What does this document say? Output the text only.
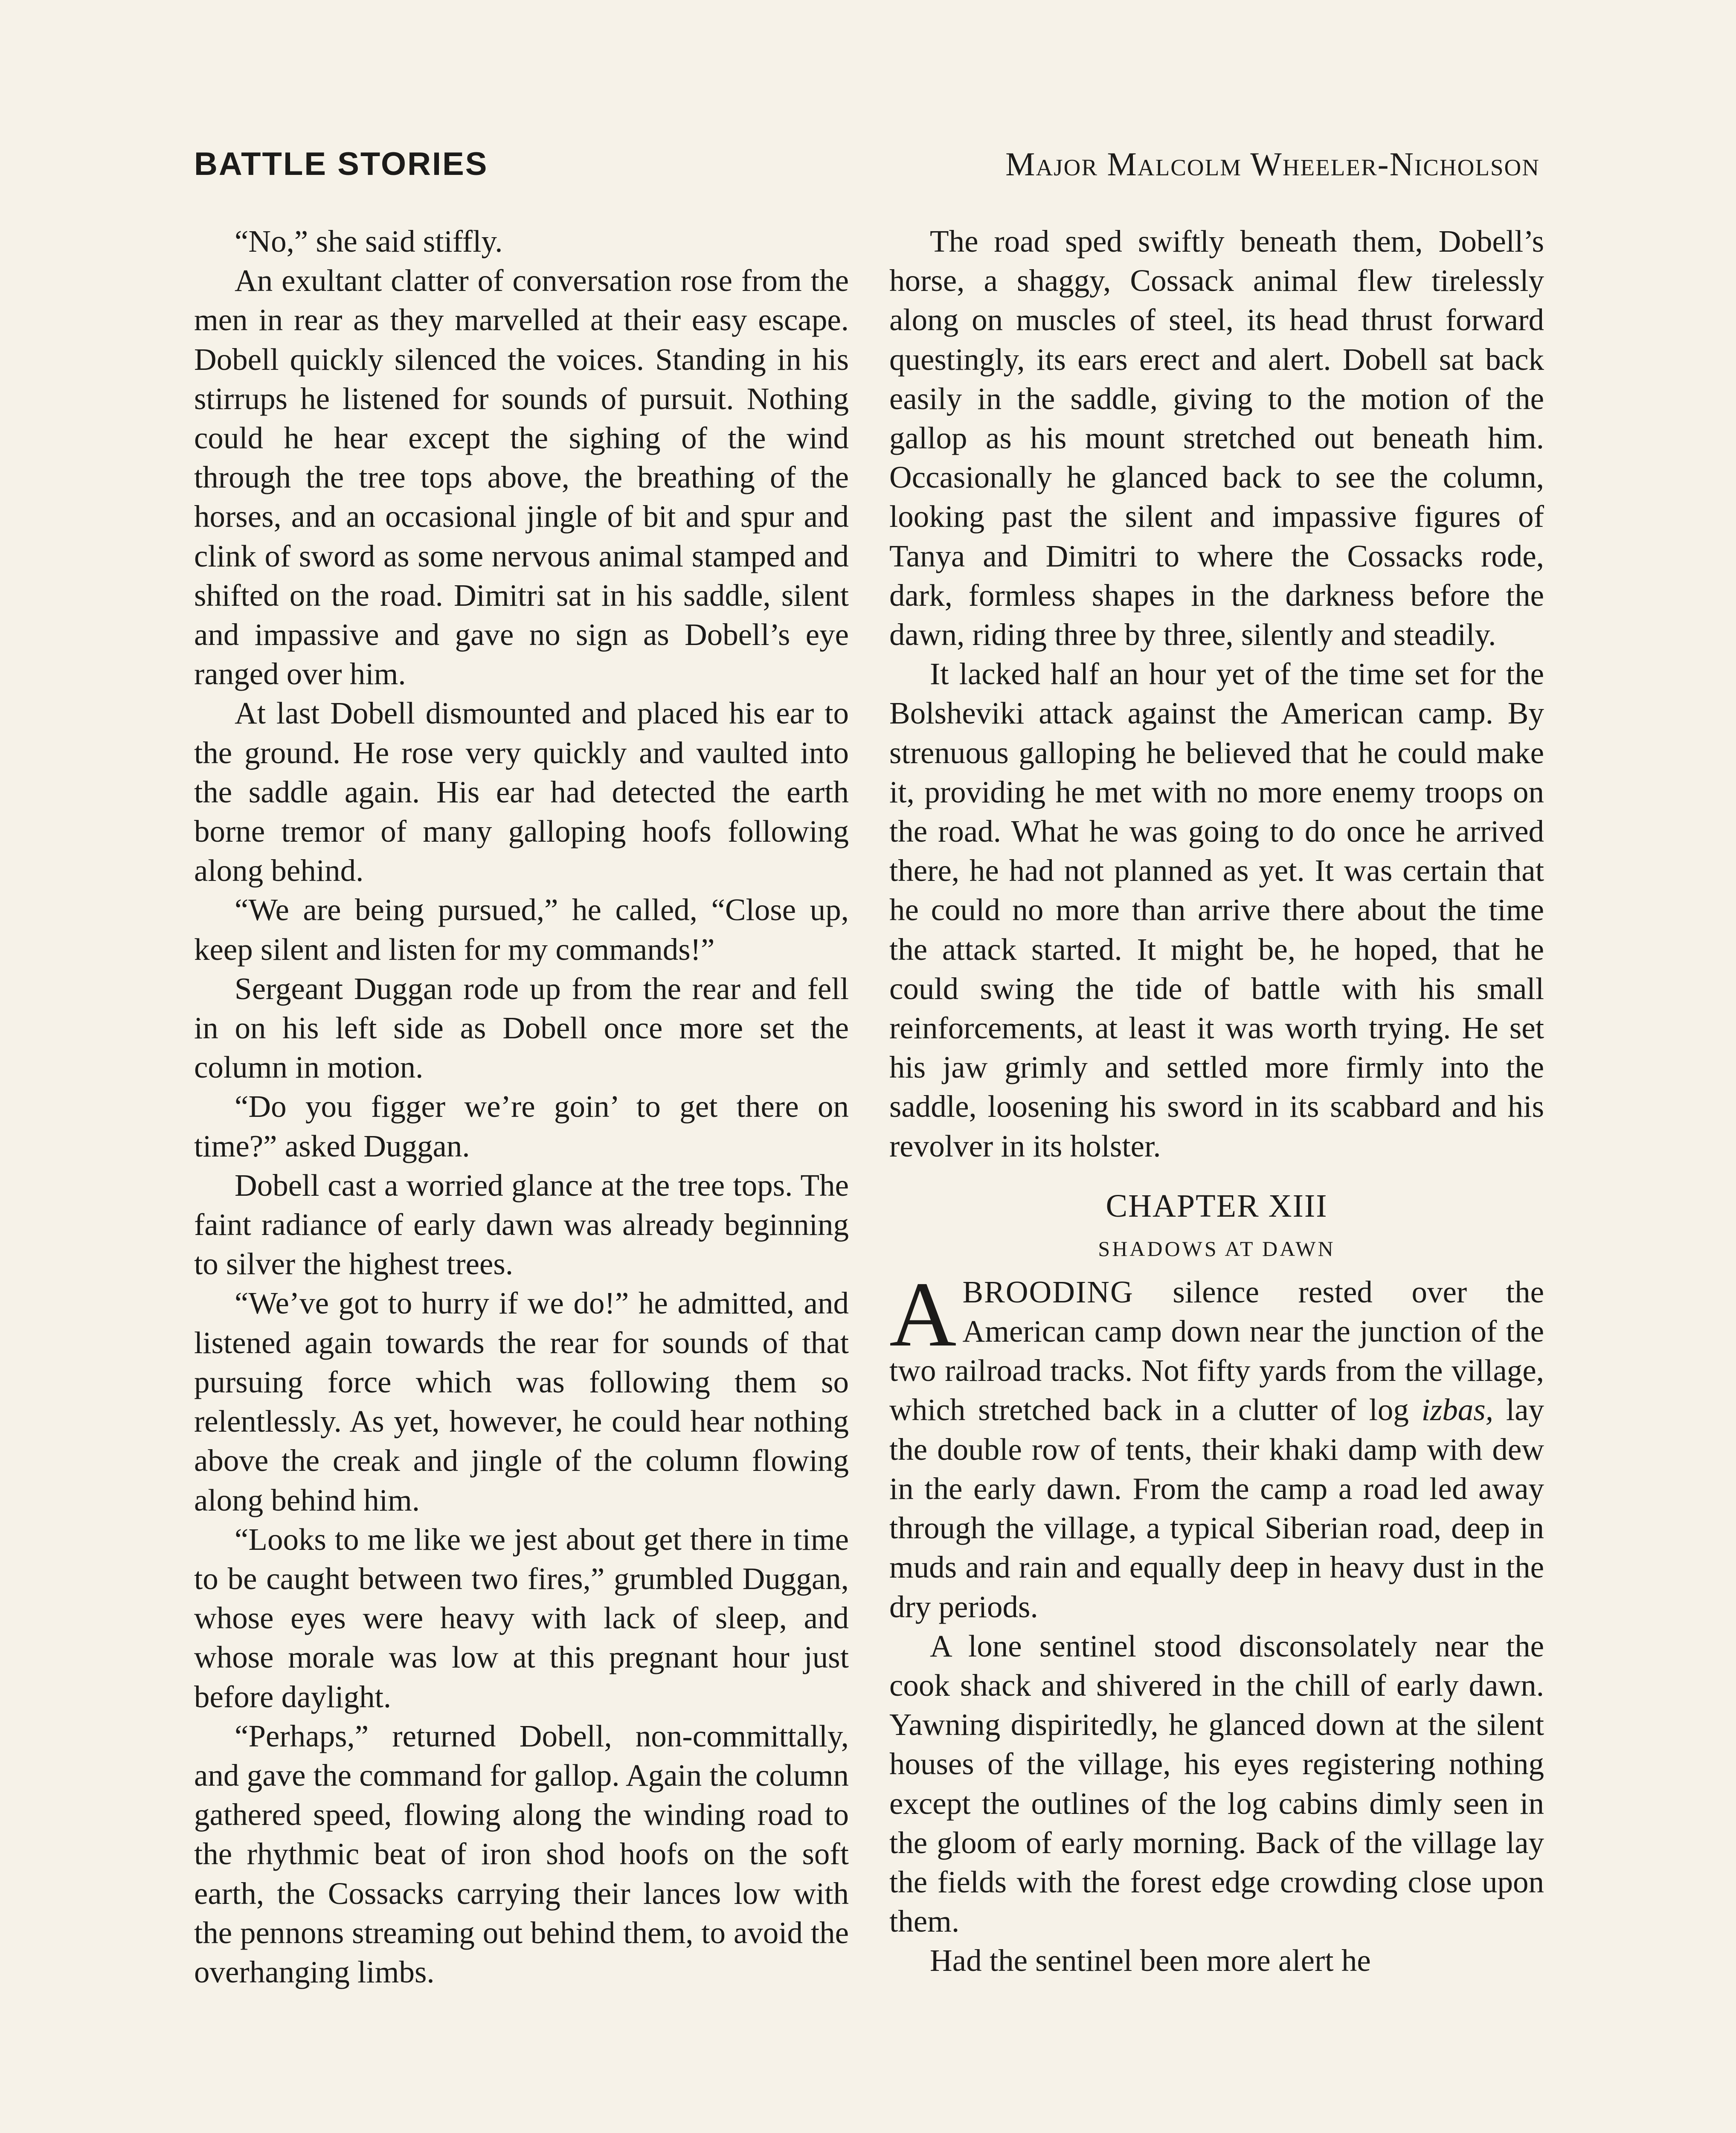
BATTLE STORIES	Major Malcolm Wheeler-Nicholson

“No,” she said stiffly.

An exultant clatter of conversation rose from the men in rear as they marvelled at their easy escape. Dobell quickly silenced the voices. Standing in his stirrups he listened for sounds of pursuit. Nothing could he hear except the sighing of the wind through the tree tops above, the breathing of the horses, and an occasional jingle of bit and spur and clink of sword as some nervous animal stamped and shifted on the road. Dimitri sat in his saddle, silent and impassive and gave no sign as Dobell’s eye ranged over him.

At last Dobell dismounted and placed his ear to the ground. He rose very quickly and vaulted into the saddle again. His ear had detected the earth borne tremor of many galloping hoofs following along behind.

“We are being pursued,” he called, “Close up, keep silent and listen for my commands!”

Sergeant Duggan rode up from the rear and fell in on his left side as Dobell once more set the column in motion.

“Do you figger we’re goin’ to get there on time?” asked Duggan.

Dobell cast a worried glance at the tree tops. The faint radiance of early dawn was already beginning to silver the highest trees.

“We’ve got to hurry if we do!” he admitted, and listened again towards the rear for sounds of that pursuing force which was following them so relentlessly. As yet, however, he could hear nothing above the creak and jingle of the column flowing along behind him.

“Looks to me like we jest about get there in time to be caught between two fires,” grumbled Duggan, whose eyes were heavy with lack of sleep, and whose morale was low at this pregnant hour just before daylight.

“Perhaps,” returned Dobell, non-committally, and gave the command for gallop. Again the column gathered speed, flowing along the winding road to the rhythmic beat of iron shod hoofs on the soft earth, the Cossacks carrying their lances low with the pennons streaming out behind them, to avoid the overhanging limbs.

The road sped swiftly beneath them, Dobell’s horse, a shaggy, Cossack animal flew tirelessly along on muscles of steel, its head thrust forward questingly, its ears erect and alert. Dobell sat back easily in the saddle, giving to the motion of the gallop as his mount stretched out beneath him. Occasionally he glanced back to see the column, looking past the silent and impassive figures of Tanya and Dimitri to where the Cossacks rode, dark, formless shapes in the darkness before the dawn, riding three by three, silently and steadily.

It lacked half an hour yet of the time set for the Bolsheviki attack against the American camp. By strenuous galloping he believed that he could make it, providing he met with no more enemy troops on the road. What he was going to do once he arrived there, he had not planned as yet. It was certain that he could no more than arrive there about the time the attack started. It might be, he hoped, that he could swing the tide of battle with his small reinforcements, at least it was worth trying. He set his jaw grimly and settled more firmly into the saddle, loosening his sword in its scabbard and his revolver in its holster.

CHAPTER XIII
SHADOWS AT DAWN

ABROODING silence rested over the American camp down near the junction of the two railroad tracks. Not fifty yards from the village, which stretched back in a clutter of log izbas, lay the double row of tents, their khaki damp with dew in the early dawn. From the camp a road led away through the village, a typical Siberian road, deep in muds and rain and equally deep in heavy dust in the dry periods.

A lone sentinel stood disconsolately near the cook shack and shivered in the chill of early dawn. Yawning dispiritedly, he glanced down at the silent houses of the village, his eyes registering nothing except the outlines of the log cabins dimly seen in the gloom of early morning. Back of the village lay the fields with the forest edge crowding close upon them.

Had the sentinel been more alert he
